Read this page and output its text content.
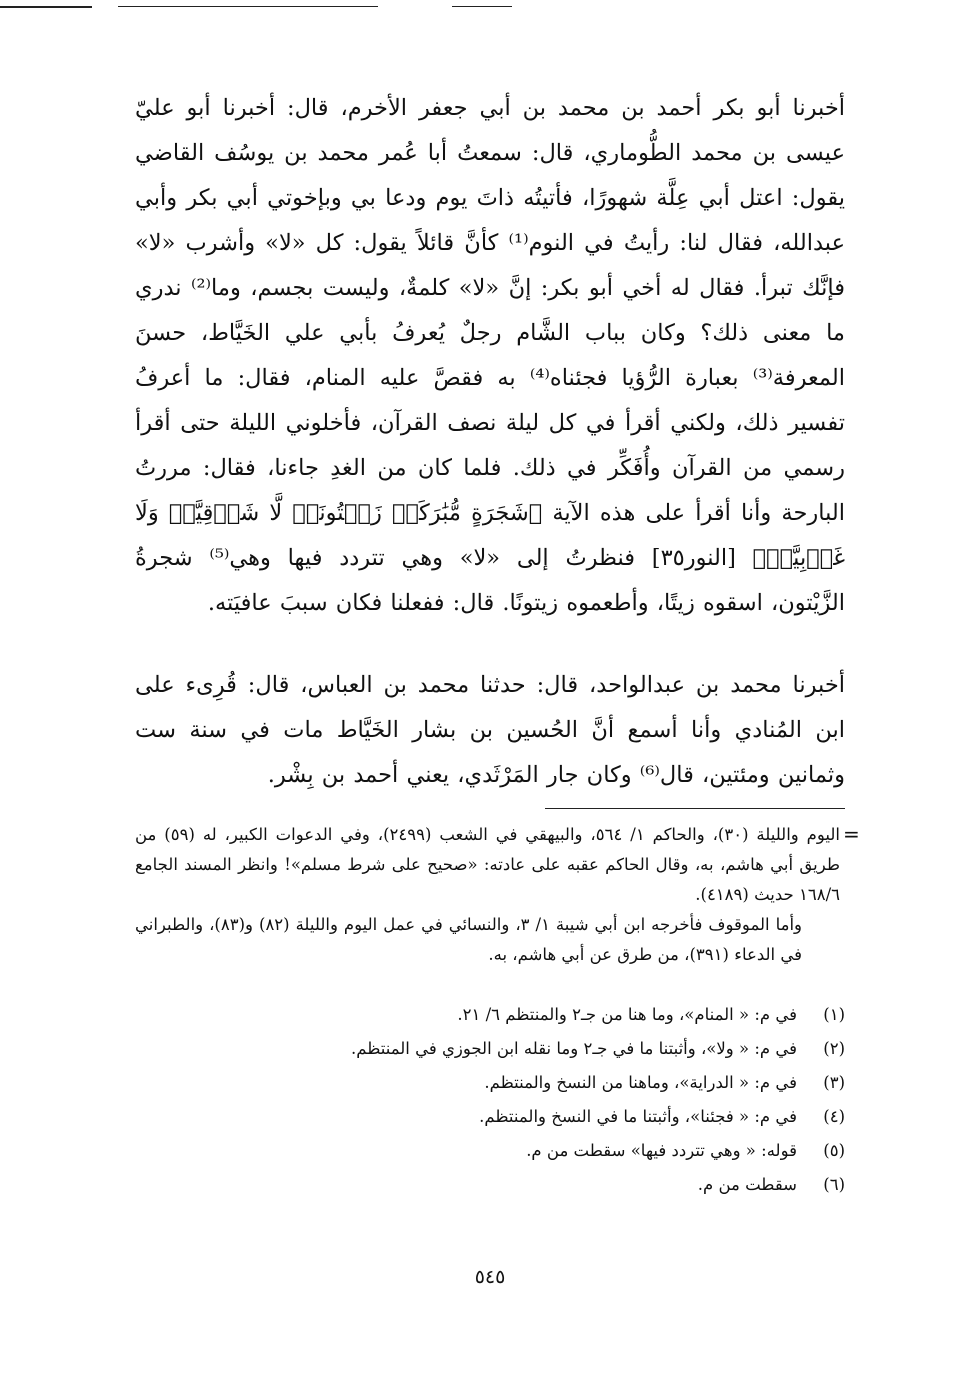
أخبرنا أبو بكر أحمد بن محمد بن أبي جعفر الأخرم، قال: أخبرنا أبو عليّ عيسى بن محمد الطُّوماري، قال: سمعتُ أبا عُمر محمد بن يوسُف القاضي يقول: اعتل أبي عِلَّة شهورًا، فأتيتُه ذاتَ يوم ودعا بي وبإخوتي أبي بكر وأبي عبدالله، فقال لنا: رأيتُ في النوم⁽¹⁾ كأنَّ قائلاً يقول: كل «لا» وأشرب «لا» فإنَّك تبرأ. فقال له أخي أبو بكر: إنَّ «لا» كلمةٌ، وليست بجسم، وما⁽²⁾ ندري ما معنى ذلك؟ وكان بباب الشَّام رجلٌ يُعرفُ بأبي علي الخَيَّاط، حسنَ المعرفة⁽³⁾ بعبارة الرُّؤيا فجئناه⁽⁴⁾ به فقصَّ عليه المنام، فقال: ما أعرفُ تفسير ذلك، ولكني أقرأ في كل ليلة نصف القرآن، فأخلوني الليلة حتى أقرأ رسمي من القرآن وأُفَكِّر في ذلك. فلما كان من الغدِ جاءنا، فقال: مررتُ البارحة وأنا أقرأ على هذه الآية ﴿شَجَرَةٍ مُّبَٰرَكَةٖ زَيۡتُونَةٖ لَّا شَرۡقِيَّةٖ وَلَا غَرۡبِيَّةٖ﴾ [النور٣٥] فنظرتُ إلى «لا» وهي تتردد فيها وهي⁽⁵⁾ شجرةُ الزَّيْتون، اسقوه زيتًا، وأطعموه زيتونًا. قال: ففعلنا فكان سببَ عافيَته.

أخبرنا محمد بن عبدالواحد، قال: حدثنا محمد بن العباس، قال: قُرِىء على ابن المُنادي وأنا أسمع أنَّ الحُسين بن بشار الخَيَّاط مات في سنة ست وثمانين ومئتين، قال⁽⁶⁾ وكان جار المَرْثَدي، يعني أحمد بن بِشْر.

=

اليوم والليلة (٣٠)، والحاكم ١/ ٥٦٤، والبيهقي في الشعب (٢٤٩٩)، وفي الدعوات الكبير، له (٥٩) من طريق أبي هاشم، به، وقال الحاكم عقبه على عادته: «صحيح على شرط مسلم»! وانظر المسند الجامع ١٦٨/٦ حديث (٤١٨٩).

وأما الموقوف فأخرجه ابن أبي شيبة ١/ ٣، والنسائي في عمل اليوم والليلة (٨٢) و(٨٣)، والطبراني في الدعاء (٣٩١)، من طرق عن أبي هاشم، به.

(١)
في م: « المنام»، وما هنا من جـ٢ والمنتظم ٦/ ٢١.
(٢)
في م: « ولا»، وأثبتنا ما في جـ٢ وما نقله ابن الجوزي في المنتظم.
(٣)
في م: « الدراية»، وماهنا من النسخ والمنتظم.
(٤)
في م: « فجئنا»، وأثبتنا ما في النسخ والمنتظم.
(٥)
قوله: « وهي تتردد فيها» سقطت من م.
(٦)
سقطت من م.
٥٤٥
